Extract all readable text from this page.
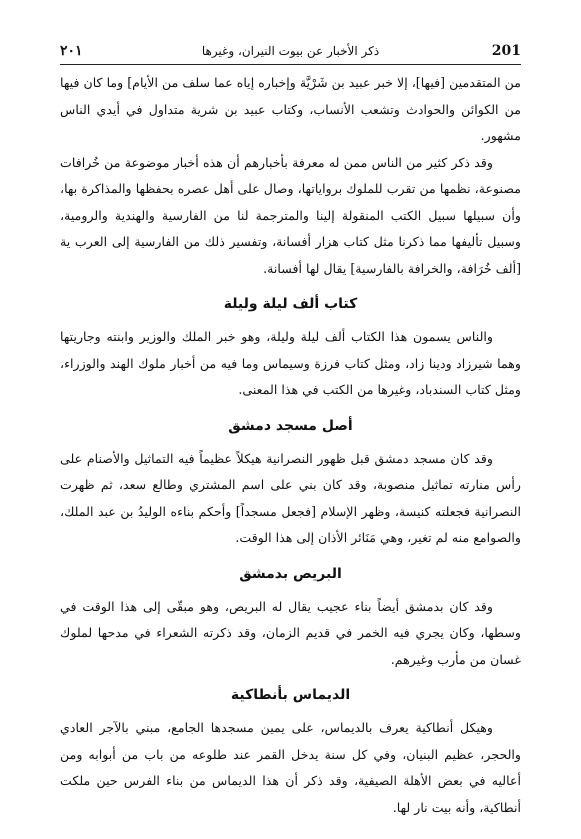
201
ذكر الأخبار عن بيوت النيران، وغيرها
٢٠١

من المتقدمين [فيها]، إلا خبر عبيد بن شَرْيَّة وإخباره إياه عما سلف من الأيام] وما كان فيها من الكوائن والحوادث وتشعب الأنساب، وكتاب عبيد بن شرية متداول في أيدي الناس مشهور.

وقد ذكر كثير من الناس ممن له معرفة بأخبارهم أن هذه أخبار موضوعة من خُرافات مصنوعة، نظمها من تقرب للملوك برواياتها، وصال على أهل عصره بحفظها والمذاكرة بها، وأن سبيلها سبيل الكتب المنقولة إلينا والمترجمة لنا من الفارسية والهندية والرومية، وسبيل تأليفها مما ذكرنا مثل كتاب هزار أفسانة، وتفسير ذلك من الفارسية إلى العرب ية [ألف خُرَافة، والخرافة بالفارسية] يقال لها أفسانة.

كتاب ألف ليلة وليلة

والناس يسمون هذا الكتاب ألف ليلة وليلة، وهو خبر الملك والوزير وابنته وجاريتها وهما شيرزاد ودينا زاد، ومثل كتاب فرزة وسيماس وما فيه من أخبار ملوك الهند والوزراء، ومثل كتاب السندباد، وغيرها من الكتب في هذا المعنى.

أصل مسجد دمشق

وقد كان مسجد دمشق قبل ظهور النصرانية هيكلاً عظيماً فيه التماثيل والأصنام على رأس منارته تماثيل منصوبة، وقد كان بني على اسم المشتري وطالع سعد، ثم ظهرت النصرانية فجعلته كنيسة، وظهر الإسلام [فجعل مسجداً] وأحكم بناءه الوليدُ بن عبد الملك، والصوامع منه لم تغير، وهي مَنَائر الأذان إلى هذا الوقت.

البريص بدمشق

وقد كان بدمشق أيضاً بناء عجيب يقال له البريص، وهو مبقّى إلى هذا الوقت في وسطها، وكان يجري فيه الخمر في قديم الزمان، وقد ذكرته الشعراء في مدحها لملوك غسان من مأرب وغيرهم.

الديماس بأنطاكية

وهيكل أنطاكية يعرف بالديماس، على يمين مسجدها الجامع، مبني بالآجر العادي والحجر، عظيم البنيان، وفي كل سنة يدخل القمر عند طلوعه من باب من أبوابه ومن أعاليه في بعض الأهلة الصيفية، وقد ذكر أن هذا الديماس من بناء الفرس حين ملكت أنطاكية، وأنه بيت نار لها.
